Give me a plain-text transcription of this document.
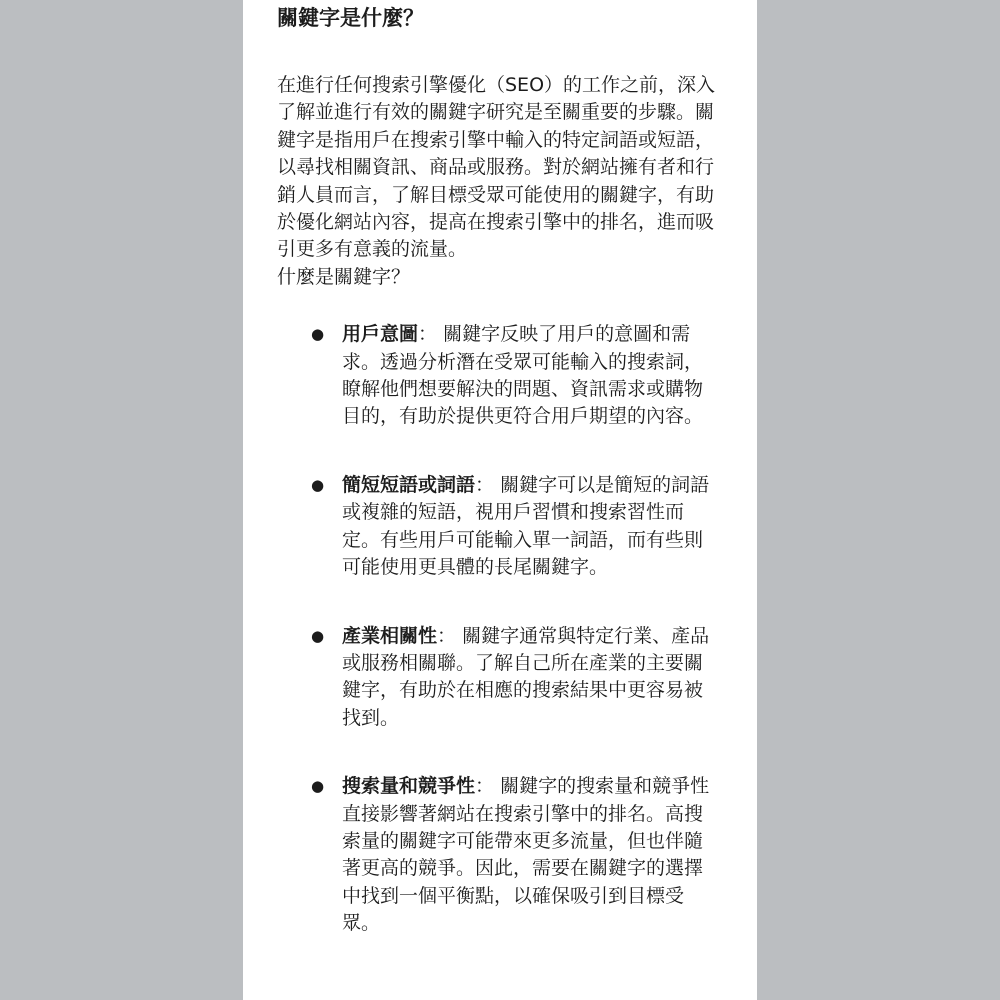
關鍵字是什麼？

在進行任何搜索引擎優化（SEO）的工作之前，深入了解並進行有效的關鍵字研究是至關重要的步驟。關鍵字是指用戶在搜索引擎中輸入的特定詞語或短語，以尋找相關資訊、商品或服務。對於網站擁有者和行銷人員而言，了解目標受眾可能使用的關鍵字，有助於優化網站內容，提高在搜索引擎中的排名，進而吸引更多有意義的流量。

什麼是關鍵字？
● 用戶意圖： 關鍵字反映了用戶的意圖和需求。透過分析潛在受眾可能輸入的搜索詞，瞭解他們想要解決的問題、資訊需求或購物目的，有助於提供更符合用戶期望的內容。
● 簡短短語或詞語： 關鍵字可以是簡短的詞語或複雜的短語，視用戶習慣和搜索習性而定。有些用戶可能輸入單一詞語，而有些則可能使用更具體的長尾關鍵字。
● 產業相關性： 關鍵字通常與特定行業、產品或服務相關聯。了解自己所在產業的主要關鍵字，有助於在相應的搜索結果中更容易被找到。
● 搜索量和競爭性： 關鍵字的搜索量和競爭性直接影響著網站在搜索引擎中的排名。高搜索量的關鍵字可能帶來更多流量，但也伴隨著更高的競爭。因此，需要在關鍵字的選擇中找到一個平衡點，以確保吸引到目標受眾。
